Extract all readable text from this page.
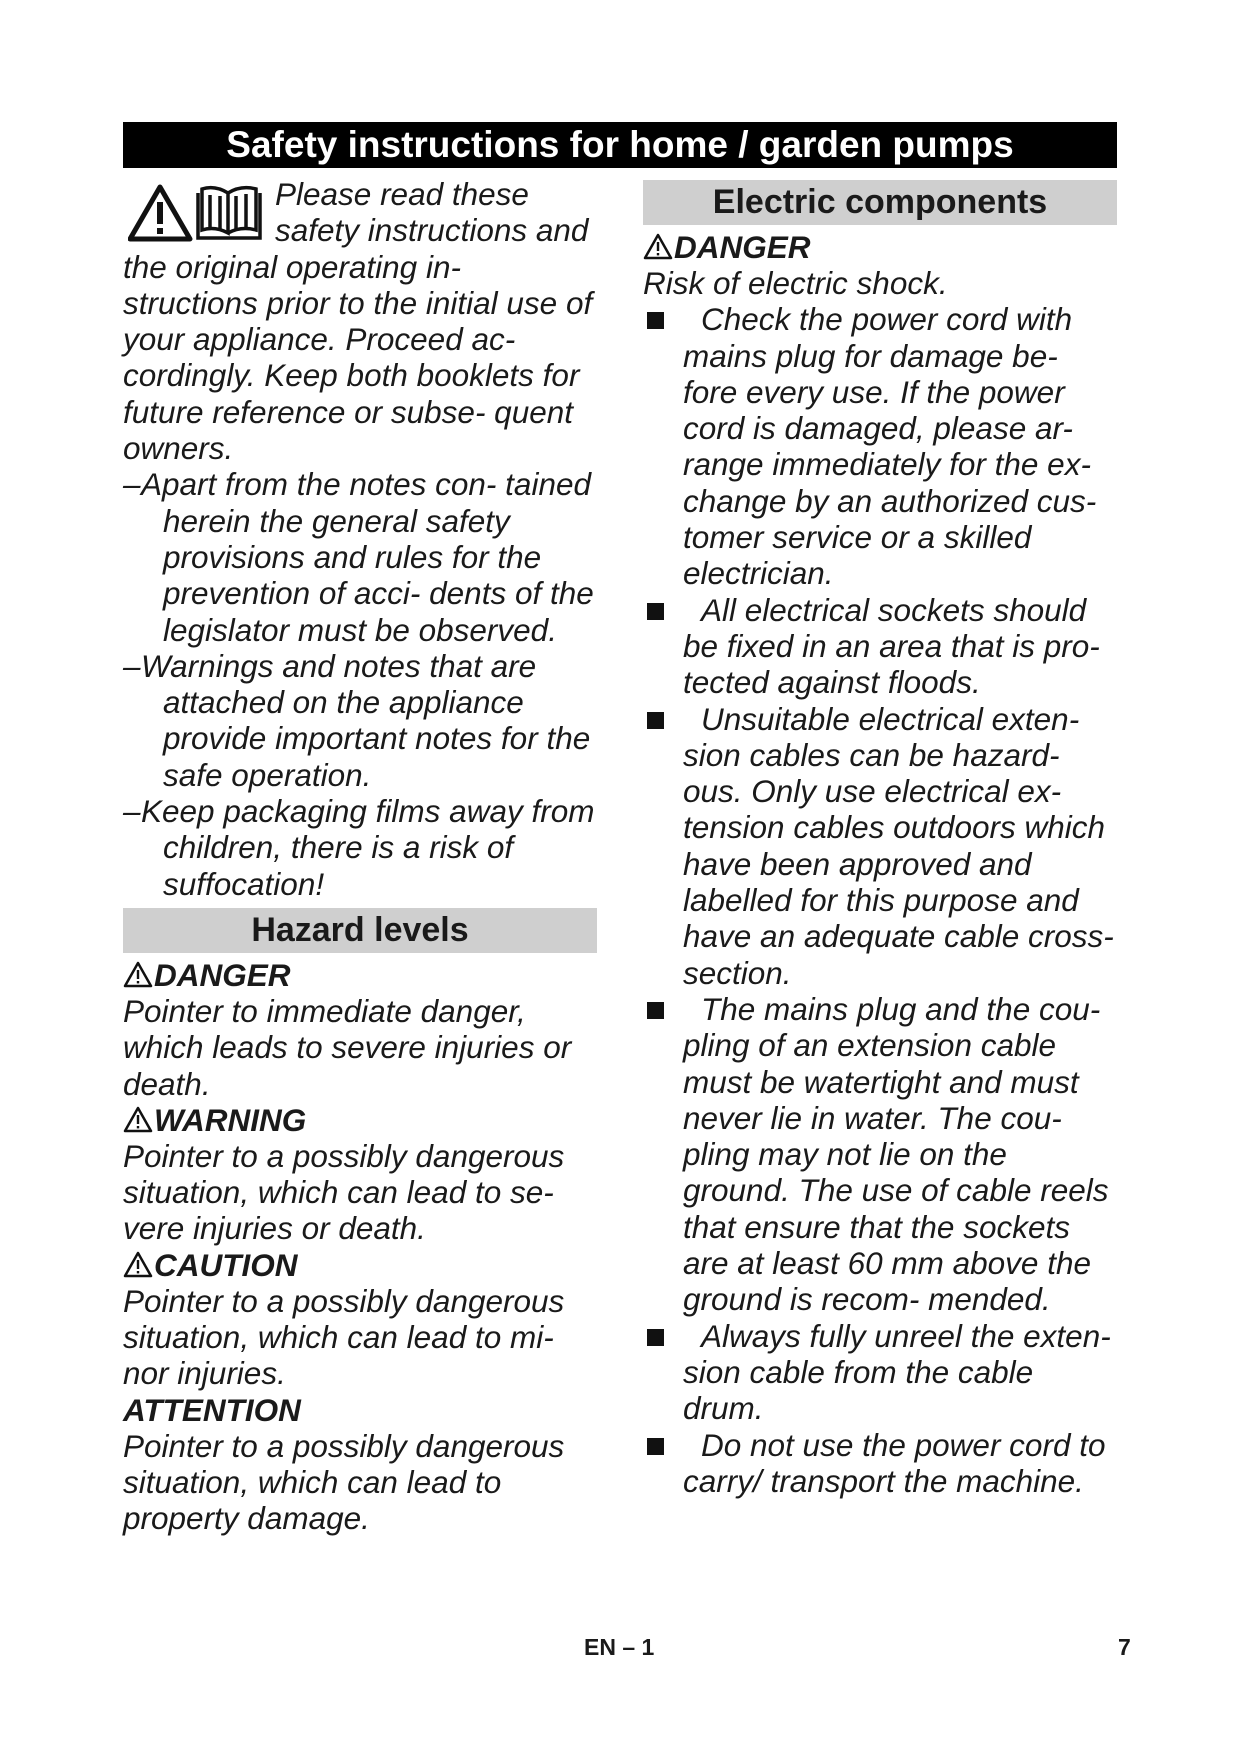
Safety instructions for home / garden pumps

Please read these safety instructions and the original operating in- structions prior to the initial use of your appliance. Proceed ac- cordingly. Keep both booklets for future reference or subse- quent owners.

– Apart from the notes con- tained herein the general safety provisions and rules for the prevention of acci- dents of the legislator must be observed.

– Warnings and notes that are attached on the appliance provide important notes for the safe operation.

– Keep packaging films away from children, there is a risk of suffocation!

Hazard levels
DANGER

Pointer to immediate danger, which leads to severe injuries or death.

WARNING

Pointer to a possibly dangerous situation, which can lead to se- vere injuries or death.

CAUTION

Pointer to a possibly dangerous situation, which can lead to mi- nor injuries.

ATTENTION

Pointer to a possibly dangerous situation, which can lead to property damage.

Electric components
DANGER

Risk of electric shock.

Check the power cord with mains plug for damage be- fore every use. If the power cord is damaged, please ar- range immediately for the ex- change by an authorized cus- tomer service or a skilled electrician.
All electrical sockets should be fixed in an area that is pro- tected against floods.
Unsuitable electrical exten- sion cables can be hazard- ous. Only use electrical ex- tension cables outdoors which have been approved and labelled for this purpose and have an adequate cable cross-section.
The mains plug and the cou- pling of an extension cable must be watertight and must never lie in water. The cou- pling may not lie on the ground. The use of cable reels that ensure that the sockets are at least 60 mm above the ground is recom- mended.
Always fully unreel the exten- sion cable from the cable drum.
Do not use the power cord to carry/ transport the machine.
EN – 1	7
